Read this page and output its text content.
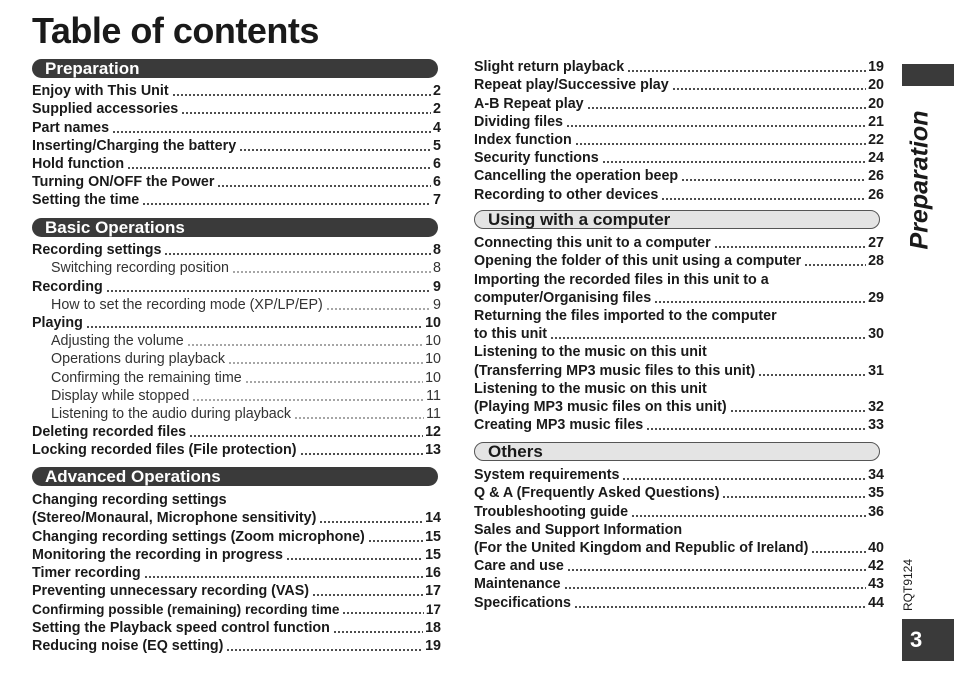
Table of contents
Preparation
Enjoy with This Unit	2
Supplied accessories	2
Part names	4
Inserting/Charging the battery	5
Hold function	6
Turning ON/OFF the Power	6
Setting the time	7
Basic Operations
Recording settings	8
Switching recording position	8
Recording	9
How to set the recording mode (XP/LP/EP)	9
Playing	10
Adjusting the volume	10
Operations during playback	10
Confirming the remaining time	10
Display while stopped	11
Listening to the audio during playback	11
Deleting recorded files	12
Locking recorded files (File protection)	13
Advanced Operations
Changing recording settings
(Stereo/Monaural, Microphone sensitivity)	14
Changing recording settings (Zoom microphone)	15
Monitoring the recording in progress	15
Timer recording	16
Preventing unnecessary recording (VAS)	17
Confirming possible (remaining) recording time	17
Setting the Playback speed control function	18
Reducing noise (EQ setting)	19
Slight return playback	19
Repeat play/Successive play	20
A-B Repeat play	20
Dividing files	21
Index function	22
Security functions	24
Cancelling the operation beep	26
Recording to other devices	26
Using with a computer
Connecting this unit to a computer	27
Opening the folder of this unit using a computer	28
Importing the recorded files in this unit to a
computer/Organising files	29
Returning the files imported to the computer
to this unit	30
Listening to the music on this unit
(Transferring MP3 music files to this unit)	31
Listening to the music on this unit
(Playing MP3 music files on this unit)	32
Creating MP3 music files	33
Others
System requirements	34
Q & A (Frequently Asked Questions)	35
Troubleshooting guide	36
Sales and Support Information
(For the United Kingdom and Republic of Ireland)	40
Care and use	42
Maintenance	43
Specifications	44
Preparation
RQT9124
3
